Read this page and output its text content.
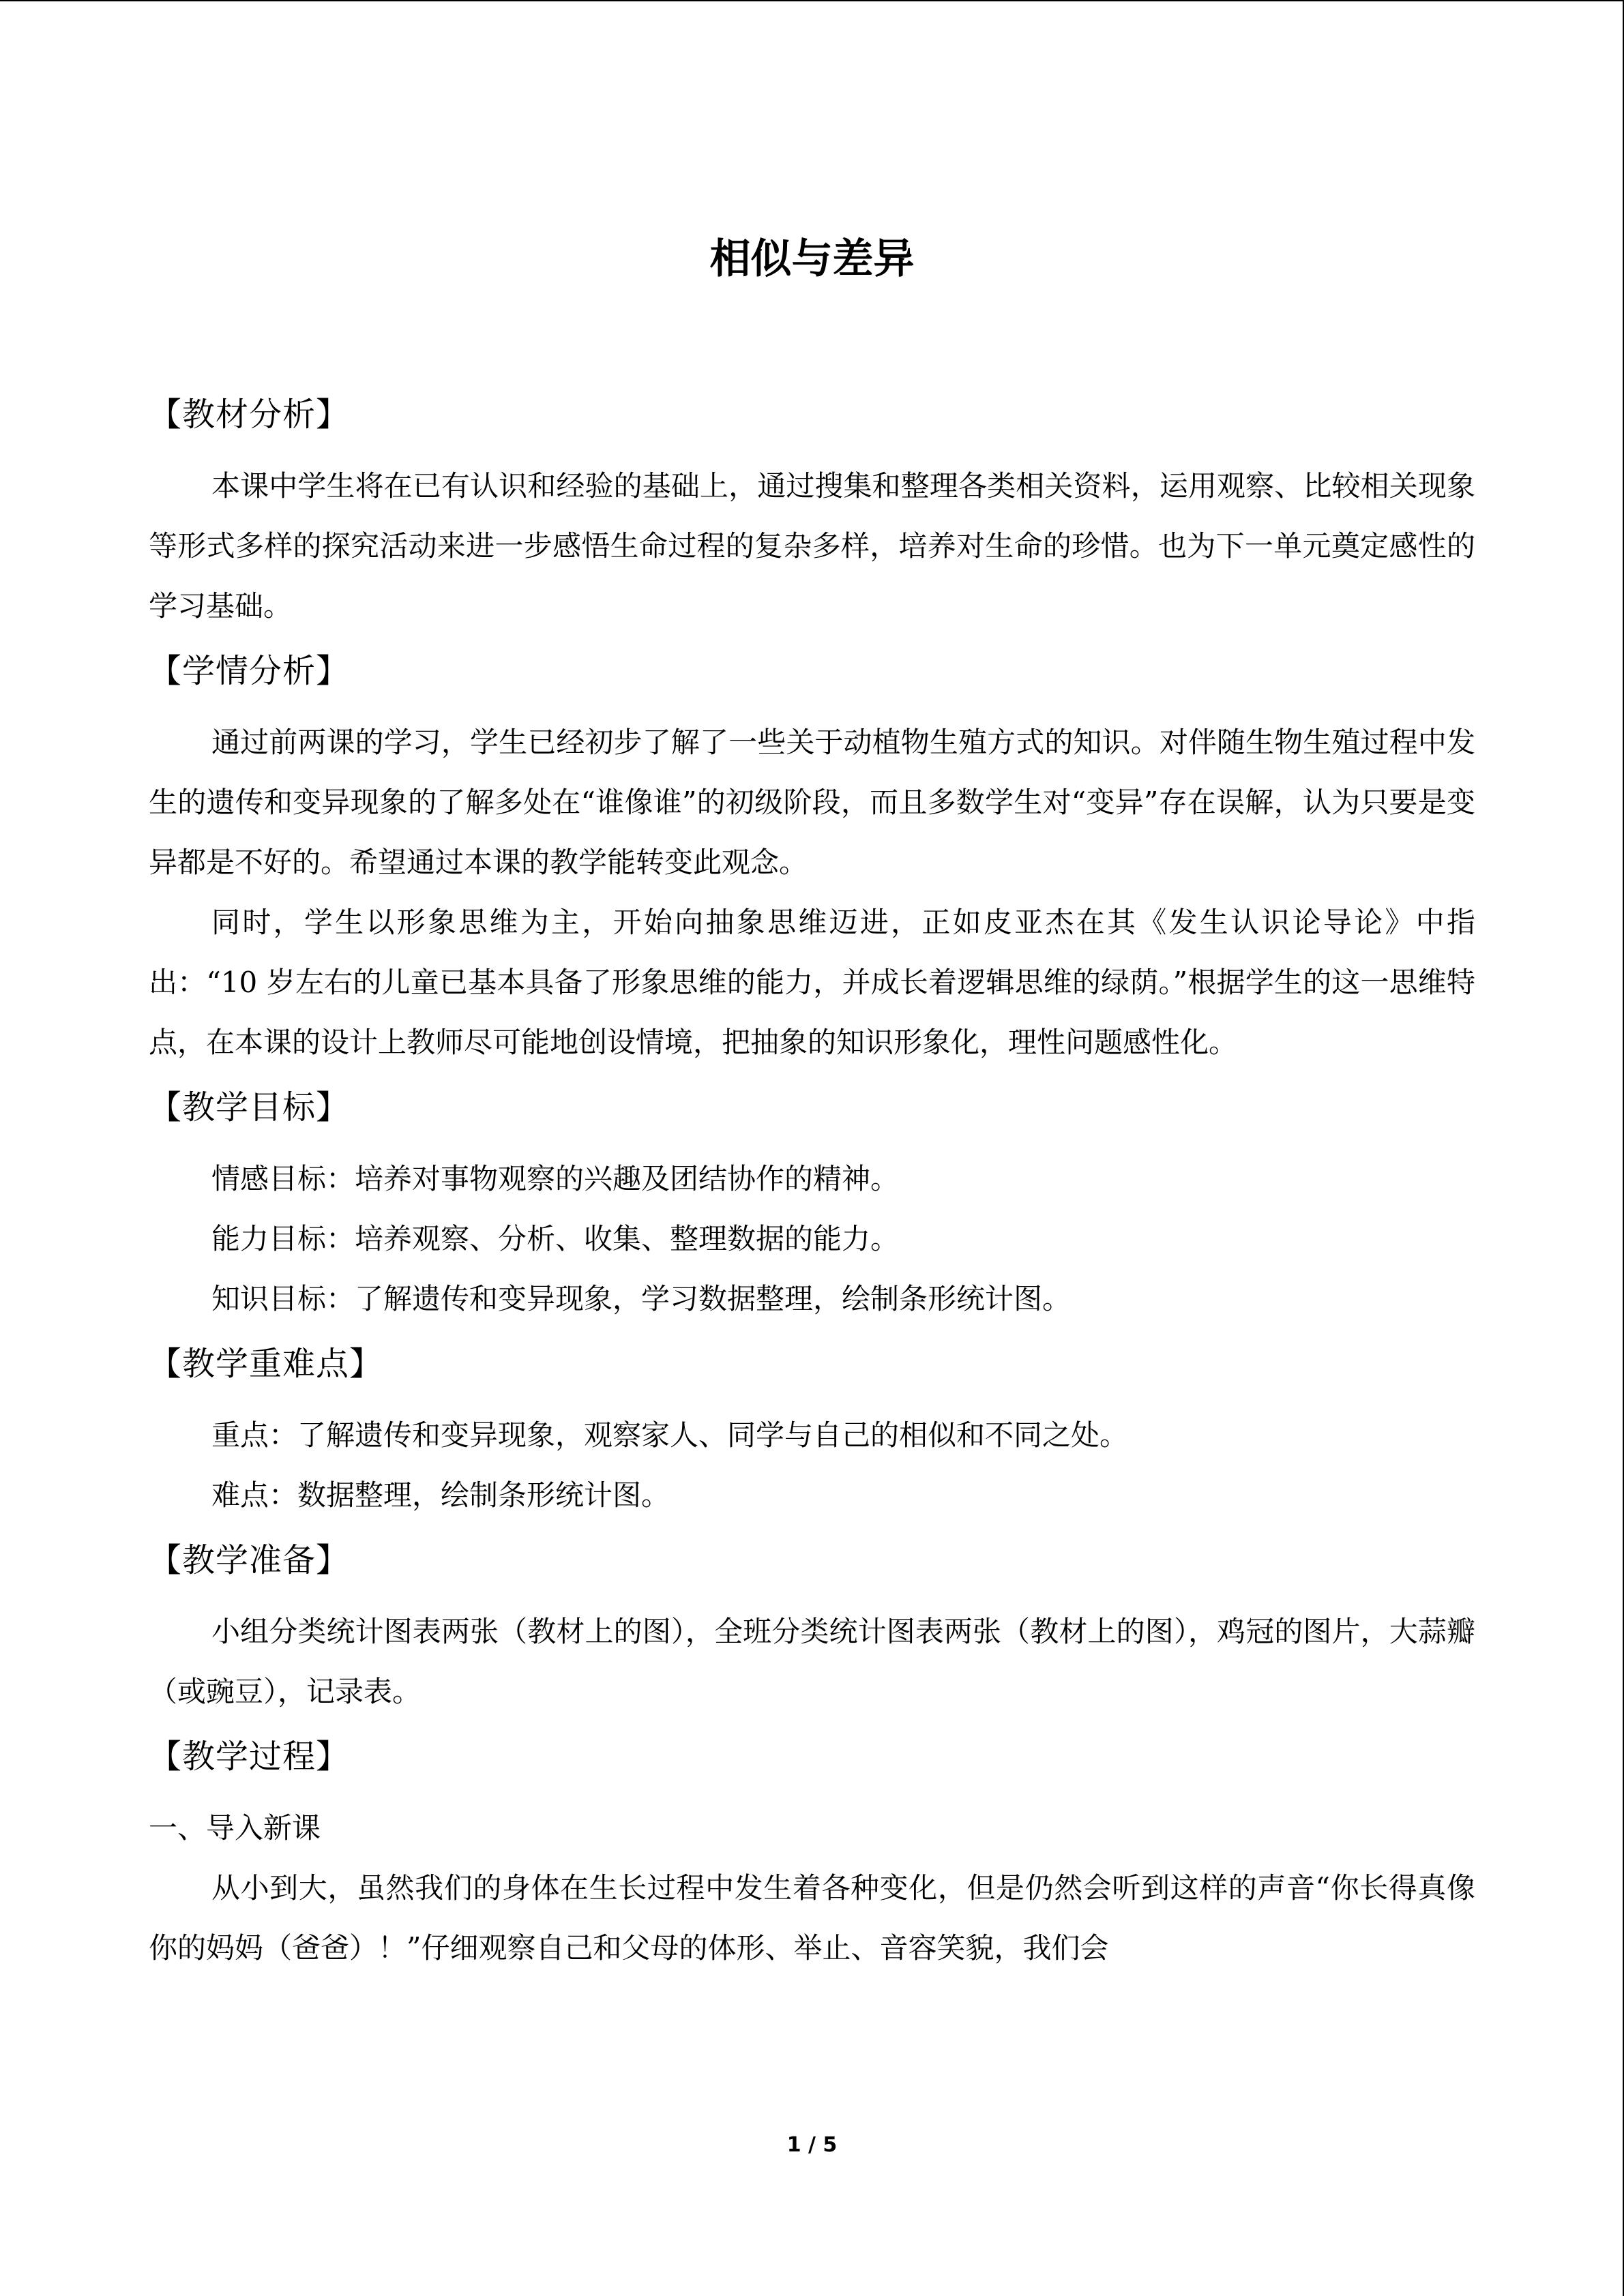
相似与差异
【教材分析】

本课中学生将在已有认识和经验的基础上，通过搜集和整理各类相关资料，运用观察、比较相关现象等形式多样的探究活动来进一步感悟生命过程的复杂多样，培养对生命的珍惜。也为下一单元奠定感性的学习基础。

【学情分析】

通过前两课的学习，学生已经初步了解了一些关于动植物生殖方式的知识。对伴随生物生殖过程中发生的遗传和变异现象的了解多处在“谁像谁”的初级阶段，而且多数学生对“变异”存在误解，认为只要是变异都是不好的。希望通过本课的教学能转变此观念。

同时，学生以形象思维为主，开始向抽象思维迈进，正如皮亚杰在其《发生认识论导论》中指出：“10 岁左右的儿童已基本具备了形象思维的能力，并成长着逻辑思维的绿荫。”根据学生的这一思维特点，在本课的设计上教师尽可能地创设情境，把抽象的知识形象化，理性问题感性化。

【教学目标】

情感目标：培养对事物观察的兴趣及团结协作的精神。

能力目标：培养观察、分析、收集、整理数据的能力。

知识目标：了解遗传和变异现象，学习数据整理，绘制条形统计图。

【教学重难点】

重点：了解遗传和变异现象，观察家人、同学与自己的相似和不同之处。

难点：数据整理，绘制条形统计图。

【教学准备】

小组分类统计图表两张（教材上的图），全班分类统计图表两张（教材上的图），鸡冠的图片，大蒜瓣（或豌豆），记录表。

【教学过程】

一、导入新课

从小到大，虽然我们的身体在生长过程中发生着各种变化，但是仍然会听到这样的声音“你长得真像你的妈妈（爸爸）！”仔细观察自己和父母的体形、举止、音容笑貌，我们会

1 / 5
